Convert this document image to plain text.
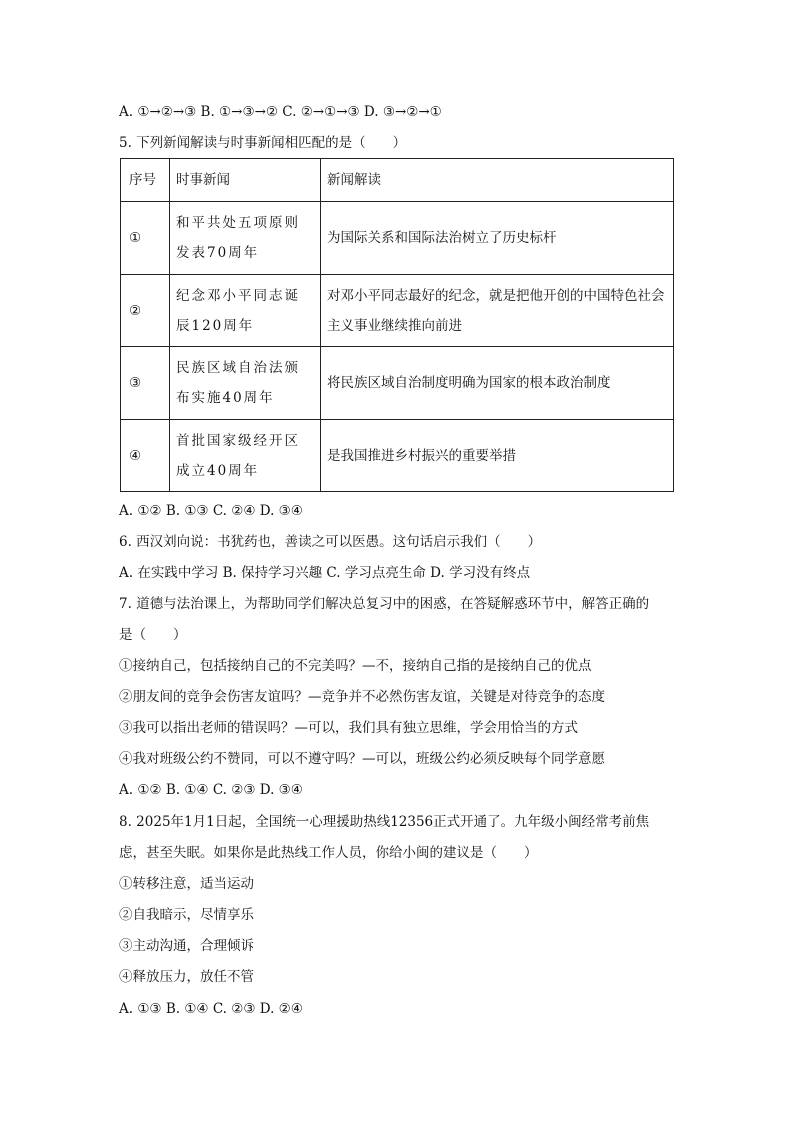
A. ①→②→③ B. ①→③→② C. ②→①→③ D. ③→②→①
5. 下列新闻解读与时事新闻相匹配的是（　　）
序号	时事新闻	新闻解读
①	和平共处五项原则发表70周年	为国际关系和国际法治树立了历史标杆

②	纪念邓小平同志诞辰120周年	对邓小平同志最好的纪念，就是把他开创的中国特色社会主义事业继续推向前进

③	民族区域自治法颁布实施40周年	将民族区域自治制度明确为国家的根本政治制度

④	首批国家级经开区成立40周年	是我国推进乡村振兴的重要举措
A. ①② B. ①③ C. ②④ D. ③④
6. 西汉刘向说：书犹药也，善读之可以医愚。这句话启示我们（　　）
A. 在实践中学习 B. 保持学习兴趣 C. 学习点亮生命 D. 学习没有终点
7. 道德与法治课上，为帮助同学们解决总复习中的困惑，在答疑解惑环节中，解答正确的
是（　　）
①接纳自己，包括接纳自己的不完美吗？—不，接纳自己指的是接纳自己的优点
②朋友间的竞争会伤害友谊吗？—竞争并不必然伤害友谊，关键是对待竞争的态度
③我可以指出老师的错误吗？—可以，我们具有独立思维，学会用恰当的方式
④我对班级公约不赞同，可以不遵守吗？—可以，班级公约必须反映每个同学意愿
A. ①② B. ①④ C. ②③ D. ③④
8. 2025年1月1日起，全国统一心理援助热线12356正式开通了。九年级小闽经常考前焦
虑，甚至失眠。如果你是此热线工作人员，你给小闽的建议是（　　）
①转移注意，适当运动
②自我暗示，尽情享乐
③主动沟通，合理倾诉
④释放压力，放任不管
A. ①③ B. ①④ C. ②③ D. ②④
